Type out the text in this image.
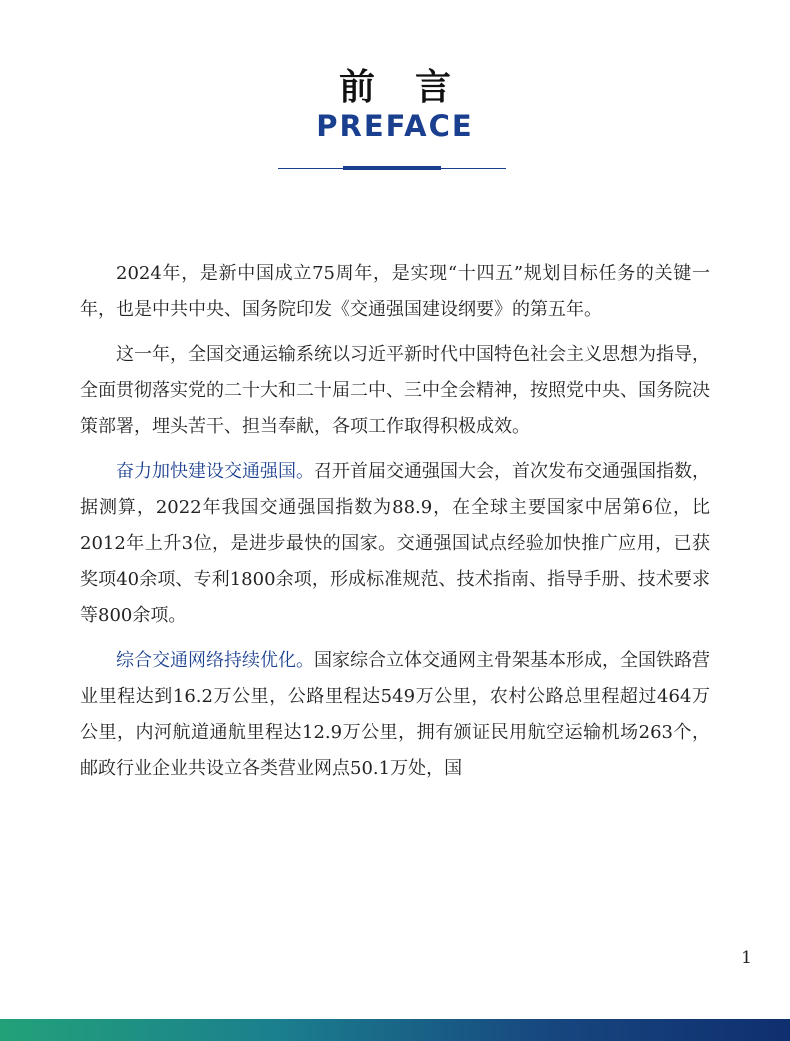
前言
PREFACE

2024年，是新中国成立75周年，是实现“十四五”规划目标任务的关键一年，也是中共中央、国务院印发《交通强国建设纲要》的第五年。

这一年，全国交通运输系统以习近平新时代中国特色社会主义思想为指导，全面贯彻落实党的二十大和二十届二中、三中全会精神，按照党中央、国务院决策部署，埋头苦干、担当奉献，各项工作取得积极成效。

奋力加快建设交通强国。召开首届交通强国大会，首次发布交通强国指数，据测算，2022年我国交通强国指数为88.9，在全球主要国家中居第6位，比2012年上升3位，是进步最快的国家。交通强国试点经验加快推广应用，已获奖项40余项、专利1800余项，形成标准规范、技术指南、指导手册、技术要求等800余项。

综合交通网络持续优化。国家综合立体交通网主骨架基本形成，全国铁路营业里程达到16.2万公里，公路里程达549万公里，农村公路总里程超过464万公里，内河航道通航里程达12.9万公里，拥有颁证民用航空运输机场263个，邮政行业企业共设立各类营业网点50.1万处，国

1
